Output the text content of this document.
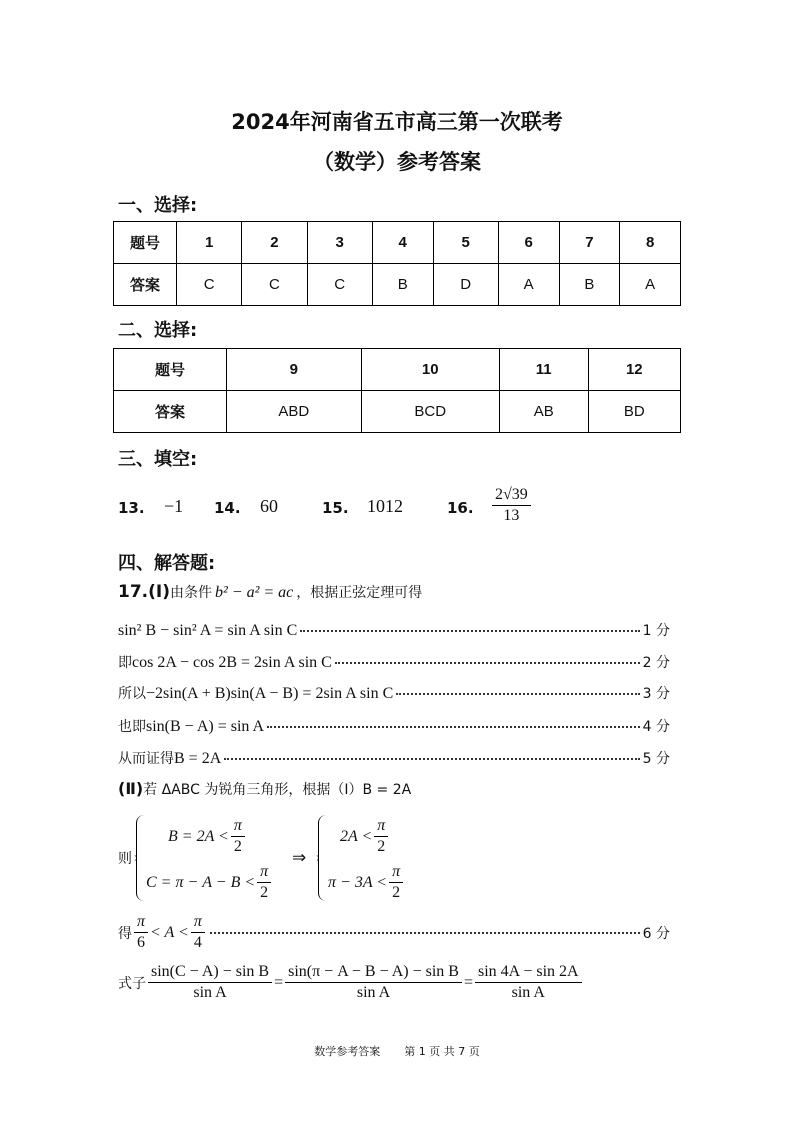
2024年河南省五市高三第一次联考
（数学）参考答案
一、选择:
题号	1	2	3	4	5	6	7	8
答案	C	C	C	B	D	A	B	A
二、选择:
题号	9	10	11	12
答案	ABD	BCD	AB	BD
三、填空:
13. −1 14. 60	15. 1012	16. $\frac{2√39}{13}$
四、解答题:
17.(Ⅰ) 由条件 b² − a² = ac ，根据正弦定理可得
sin² B − sin² A = sin A sin C	1 分
即 cos 2A − cos 2B = 2sin A sin C	2 分
所以 −2sin(A + B)sin(A − B) = 2sin A sin C	3 分
也即 sin(B − A) = sin A	4 分
从而证得 B = 2A	5 分
(Ⅱ) 若 ΔABC 为锐角三角形，根据（Ⅰ）B = 2A
则
$B = 2A < \frac{\pi}{2}$
$C = \pi - A - B < \frac{\pi}{2}$
⇒
$2A < \frac{\pi}{2}$
$\pi - 3A < \frac{\pi}{2}$
得 $\frac{\pi}{6} < A < \frac{\pi}{4}$	6 分
式子 $\frac{\text{sin(C − A) − sin B}}{\text{sin A}} = \frac{\text{sin(π − A − B − A) − sin B}}{\text{sin A}} = \frac{\sin 4A - \sin 2A}{\text{sin A}}$
数学参考答案 第 1 页 共 7 页
